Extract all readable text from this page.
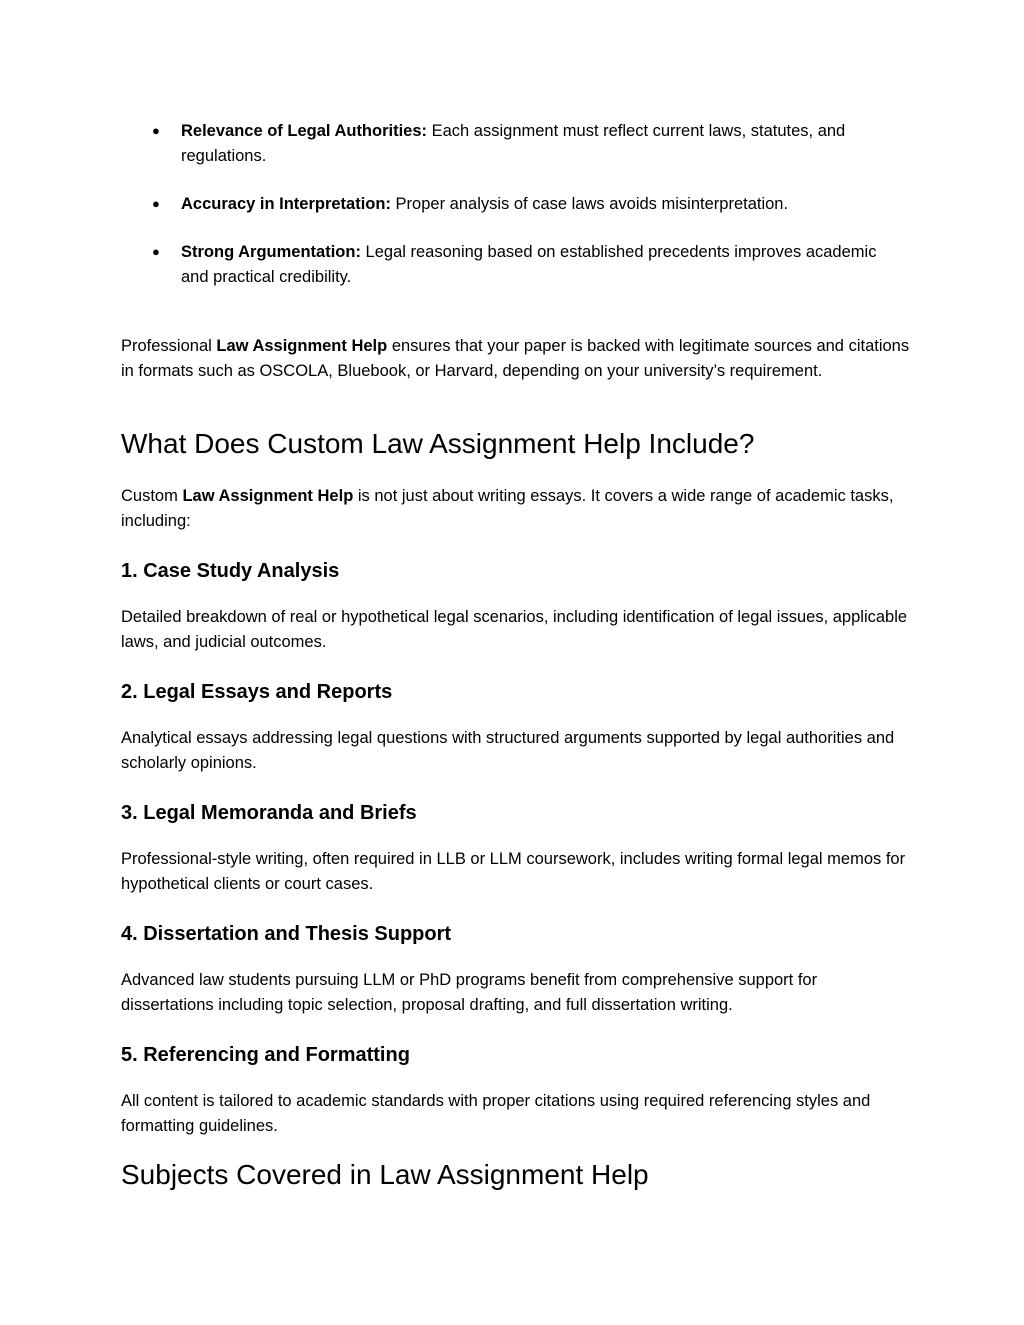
●	Relevance of Legal Authorities: Each assignment must reflect current laws, statutes, and regulations.
●	Accuracy in Interpretation: Proper analysis of case laws avoids misinterpretation.
●	Strong Argumentation: Legal reasoning based on established precedents improves academic and practical credibility.

Professional Law Assignment Help ensures that your paper is backed with legitimate sources and citations in formats such as OSCOLA, Bluebook, or Harvard, depending on your university’s requirement.

What Does Custom Law Assignment Help Include?

Custom Law Assignment Help is not just about writing essays. It covers a wide range of academic tasks, including:

1. Case Study Analysis

Detailed breakdown of real or hypothetical legal scenarios, including identification of legal issues, applicable laws, and judicial outcomes.

2. Legal Essays and Reports

Analytical essays addressing legal questions with structured arguments supported by legal authorities and scholarly opinions.

3. Legal Memoranda and Briefs

Professional-style writing, often required in LLB or LLM coursework, includes writing formal legal memos for hypothetical clients or court cases.

4. Dissertation and Thesis Support

Advanced law students pursuing LLM or PhD programs benefit from comprehensive support for dissertations including topic selection, proposal drafting, and full dissertation writing.

5. Referencing and Formatting

All content is tailored to academic standards with proper citations using required referencing styles and formatting guidelines.

Subjects Covered in Law Assignment Help
